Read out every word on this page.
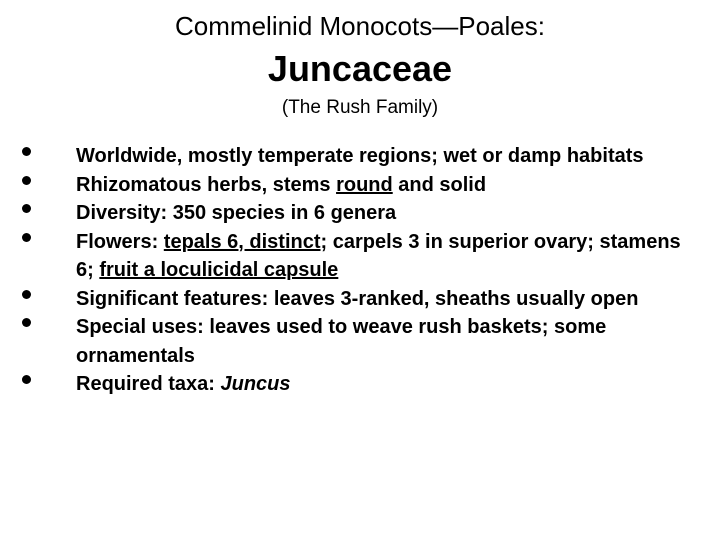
Commelinid Monocots—Poales:
Juncaceae
(The Rush Family)
Worldwide, mostly temperate regions; wet or damp habitats
Rhizomatous herbs, stems round and solid
Diversity: 350 species in 6 genera
Flowers: tepals 6, distinct; carpels 3 in superior ovary; stamens 6; fruit a loculicidal capsule
Significant features: leaves 3-ranked, sheaths usually open
Special uses: leaves used to weave rush baskets; some ornamentals
Required taxa: Juncus
